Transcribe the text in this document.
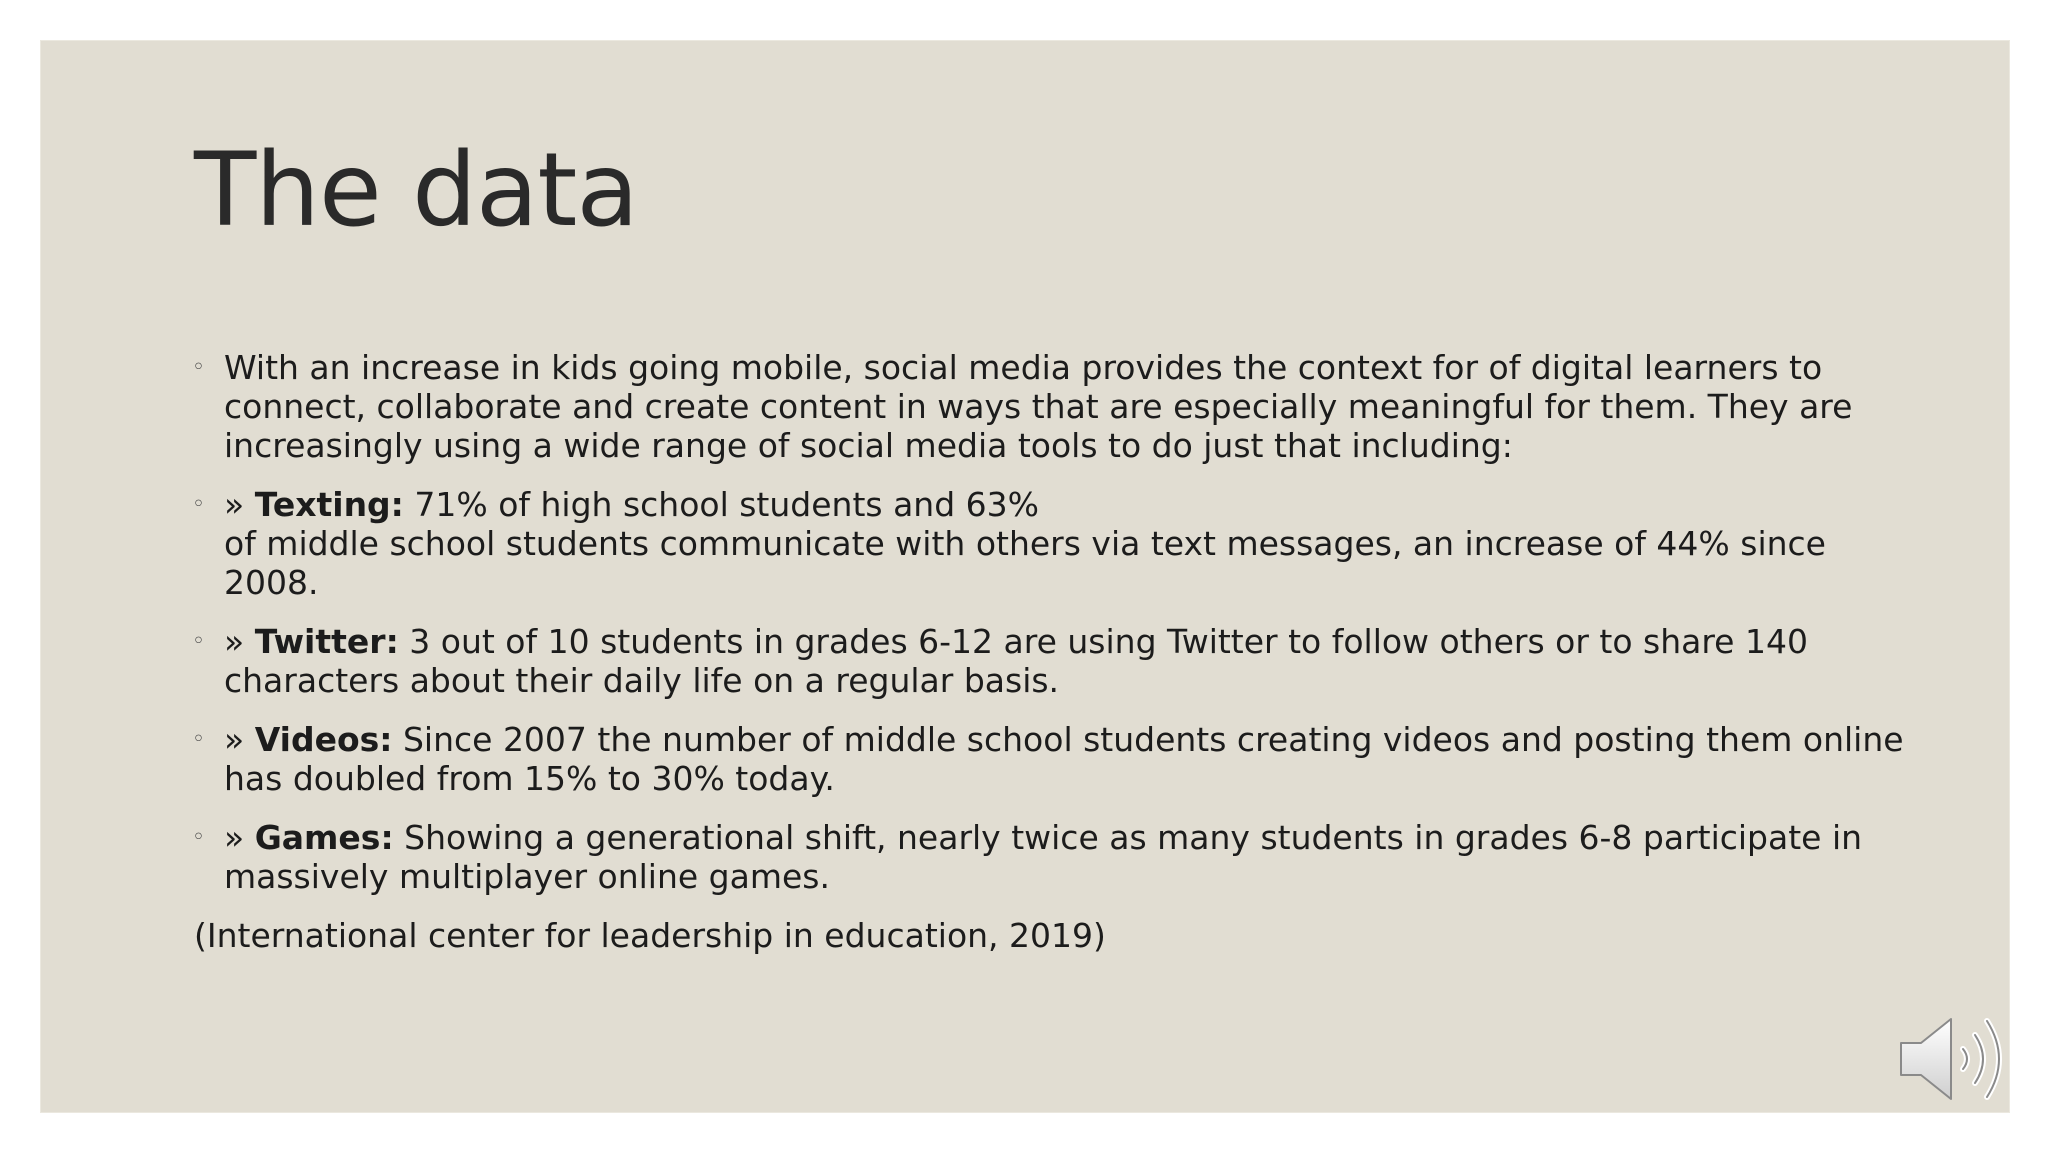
The data
◦ With an increase in kids going mobile, social media provides the context for of digital learners to connect, collaborate and create content in ways that are especially meaningful for them. They are increasingly using a wide range of social media tools to do just that including:
◦ » Texting: 71% of high school students and 63%
of middle school students communicate with others via text messages, an increase of 44% since 2008.
◦ » Twitter: 3 out of 10 students in grades 6-12 are using Twitter to follow others or to share 140 characters about their daily life on a regular basis.
◦ » Videos: Since 2007 the number of middle school students creating videos and posting them online has doubled from 15% to 30% today.
◦ » Games: Showing a generational shift, nearly twice as many students in grades 6-8 participate in massively multiplayer online games.

(International center for leadership in education, 2019)
